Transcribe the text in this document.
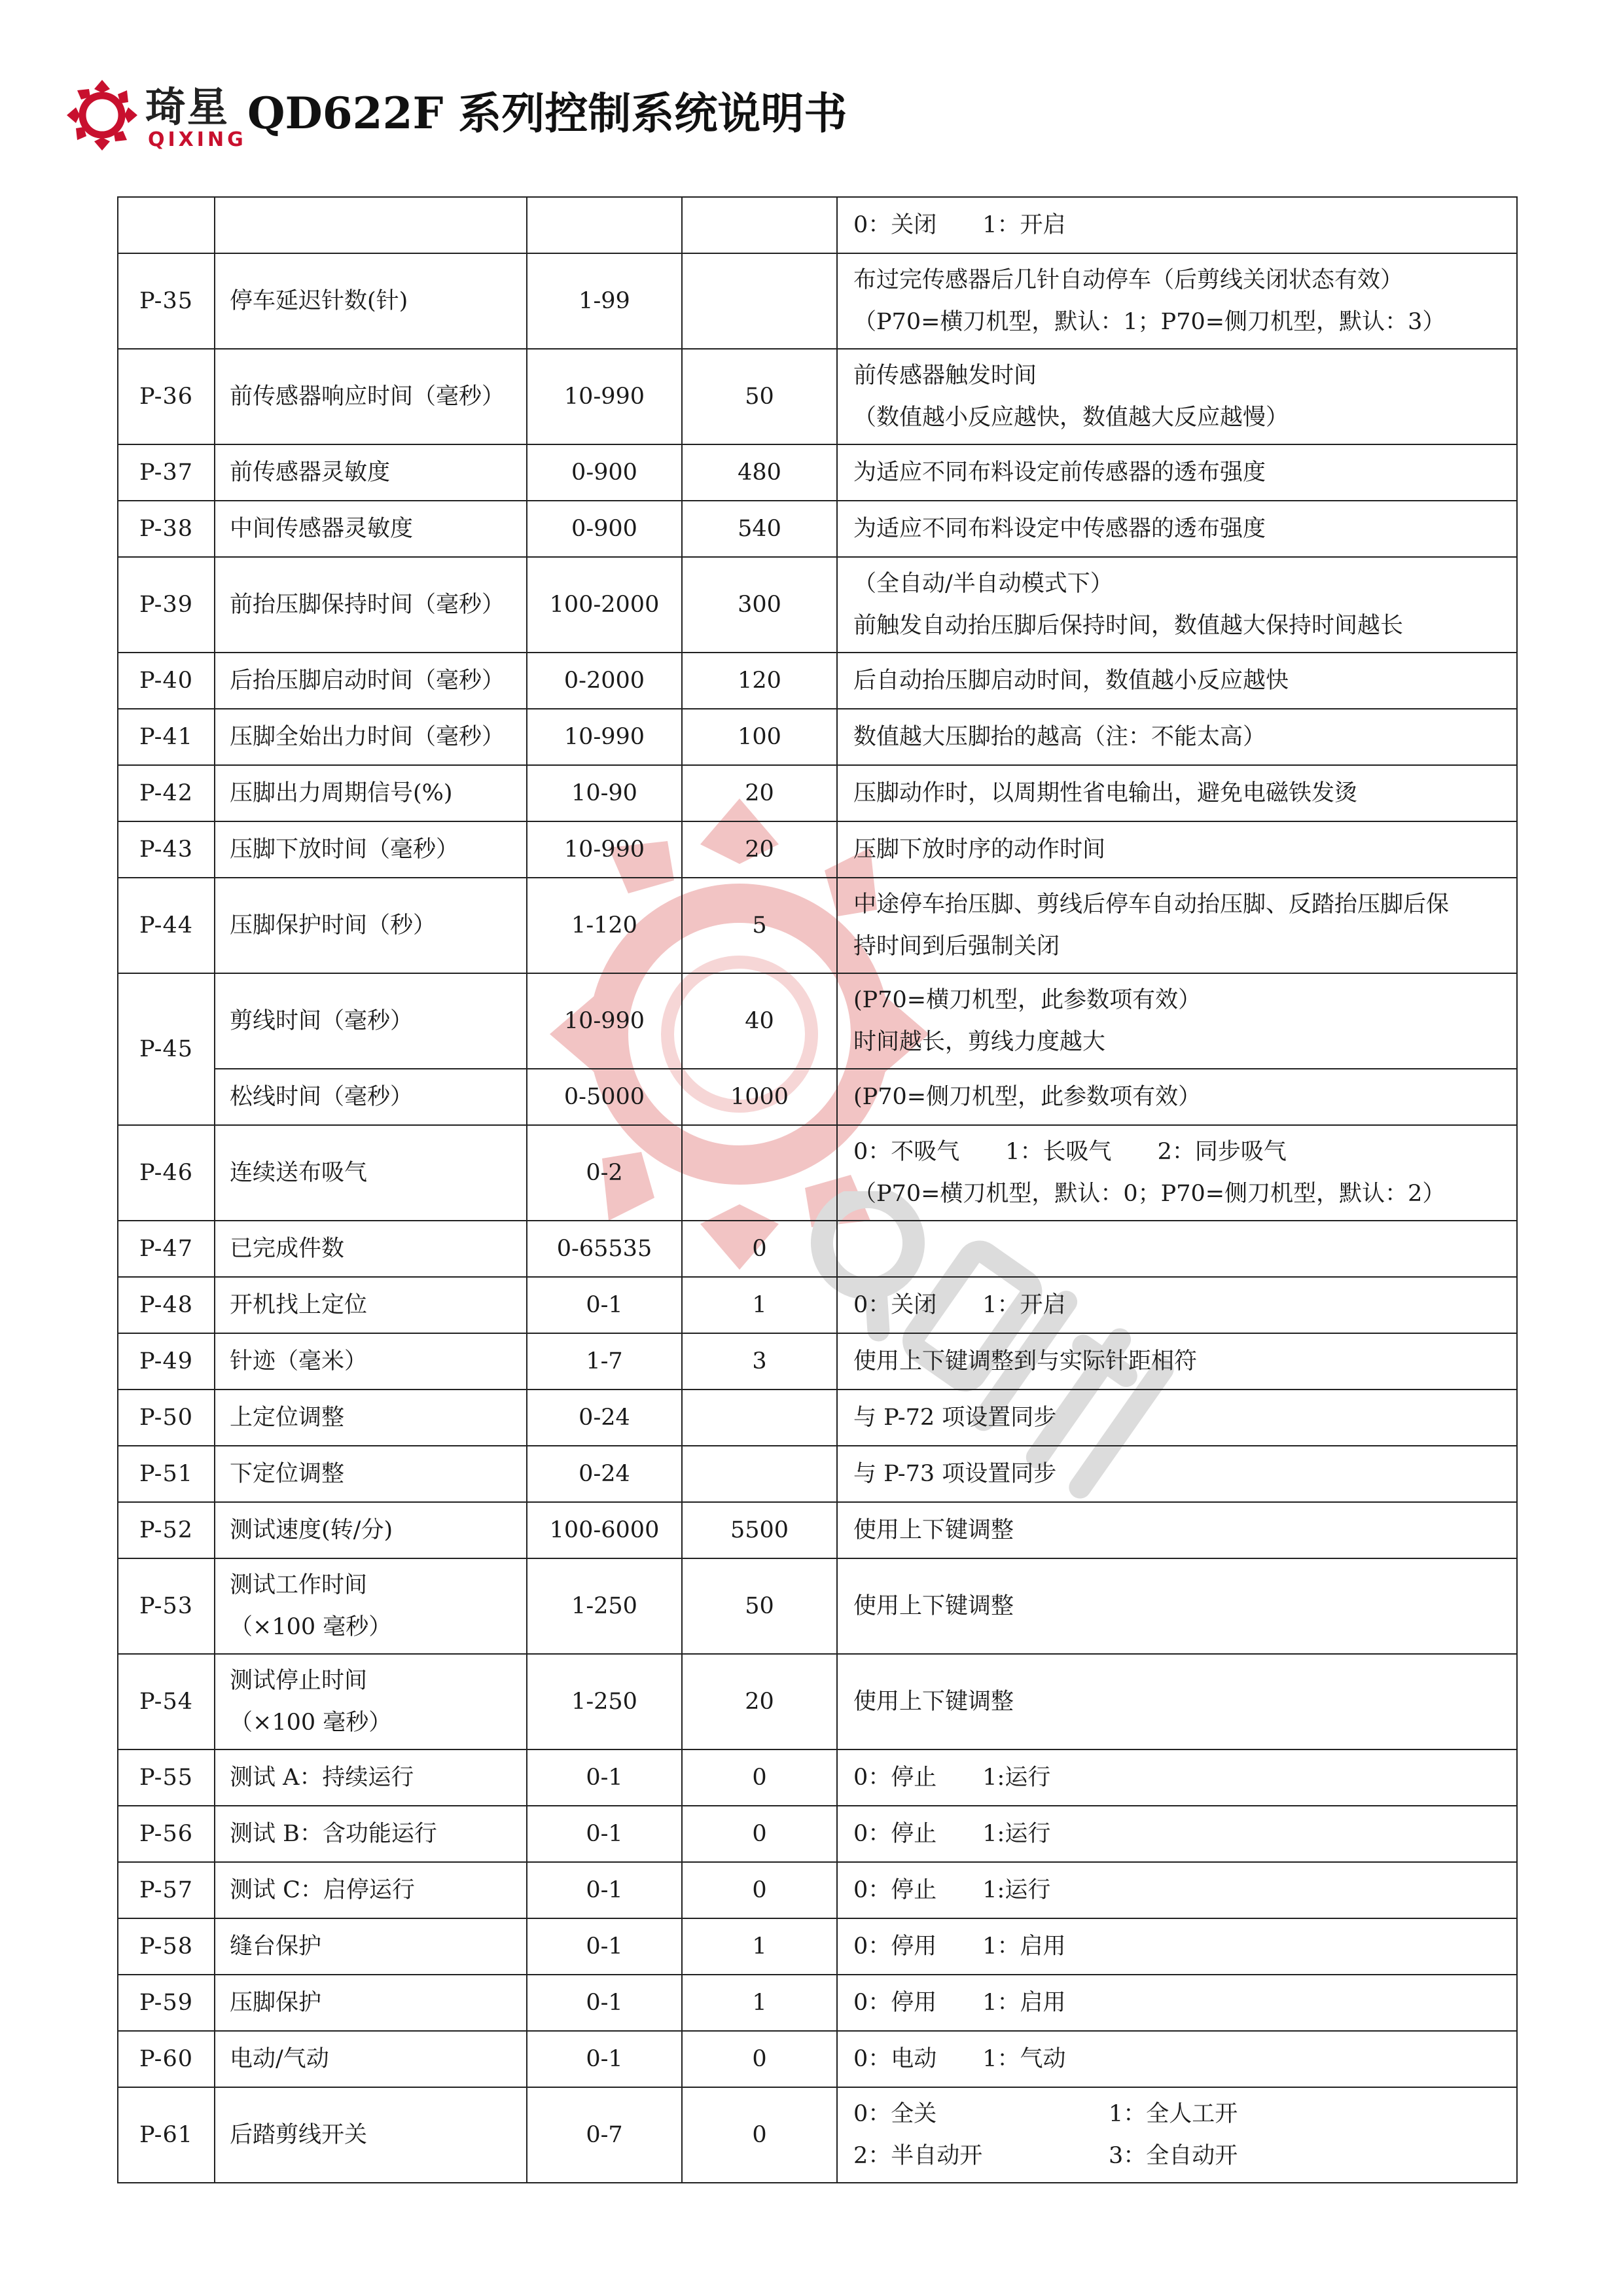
琦星
QIXING
QD622F 系列控制系统说明书
				0：关闭 1：开启
P-35	停车延迟针数(针)	1-99		布过完传感器后几针自动停车（后剪线关闭状态有效）
（P70=横刀机型，默认：1；P70=侧刀机型，默认：3）

P-36	前传感器响应时间（毫秒）	10-990	50	前传感器触发时间
（数值越小反应越快，数值越大反应越慢）

P-37	前传感器灵敏度	0-900	480	为适应不同布料设定前传感器的透布强度
P-38	中间传感器灵敏度	0-900	540	为适应不同布料设定中传感器的透布强度
P-39	前抬压脚保持时间（毫秒）	100-2000	300	（全自动/半自动模式下）
前触发自动抬压脚后保持时间，数值越大保持时间越长

P-40	后抬压脚启动时间（毫秒）	0-2000	120	后自动抬压脚启动时间，数值越小反应越快
P-41	压脚全始出力时间（毫秒）	10-990	100	数值越大压脚抬的越高（注：不能太高）
P-42	压脚出力周期信号(%)	10-90	20	压脚动作时，以周期性省电输出，避免电磁铁发烫
P-43	压脚下放时间（毫秒）	10-990	20	压脚下放时序的动作时间
P-44	压脚保护时间（秒）	1-120	5	中途停车抬压脚、剪线后停车自动抬压脚、反踏抬压脚后保
持时间到后强制关闭

P-45	剪线时间（毫秒）	10-990	40	(P70=横刀机型，此参数项有效）
时间越长，剪线力度越大

	松线时间（毫秒）	0-5000	1000	(P70=侧刀机型，此参数项有效）
P-46	连续送布吸气	0-2		0：不吸气 1：长吸气 2：同步吸气
（P70=横刀机型，默认：0；P70=侧刀机型，默认：2）

P-47	已完成件数	0-65535	0	
P-48	开机找上定位	0-1	1	0：关闭 1：开启
P-49	针迹（毫米）	1-7	3	使用上下键调整到与实际针距相符
P-50	上定位调整	0-24		与 P-72 项设置同步
P-51	下定位调整	0-24		与 P-73 项设置同步
P-52	测试速度(转/分)	100-6000	5500	使用上下键调整
P-53	测试工作时间
（×100 毫秒）	1-250	50	使用上下键调整
P-54	测试停止时间
（×100 毫秒）	1-250	20	使用上下键调整
P-55	测试 A：持续运行	0-1	0	0：停止 1:运行
P-56	测试 B：含功能运行	0-1	0	0：停止 1:运行
P-57	测试 C：启停运行	0-1	0	0：停止 1:运行
P-58	缝台保护	0-1	1	0：停用 1：启用
P-59	压脚保护	0-1	1	0：停用 1：启用
P-60	电动/气动	0-1	0	0：电动 1：气动
P-61	后踏剪线开关	0-7	0	0：全关 1：全人工开
2：半自动开 3：全自动开
